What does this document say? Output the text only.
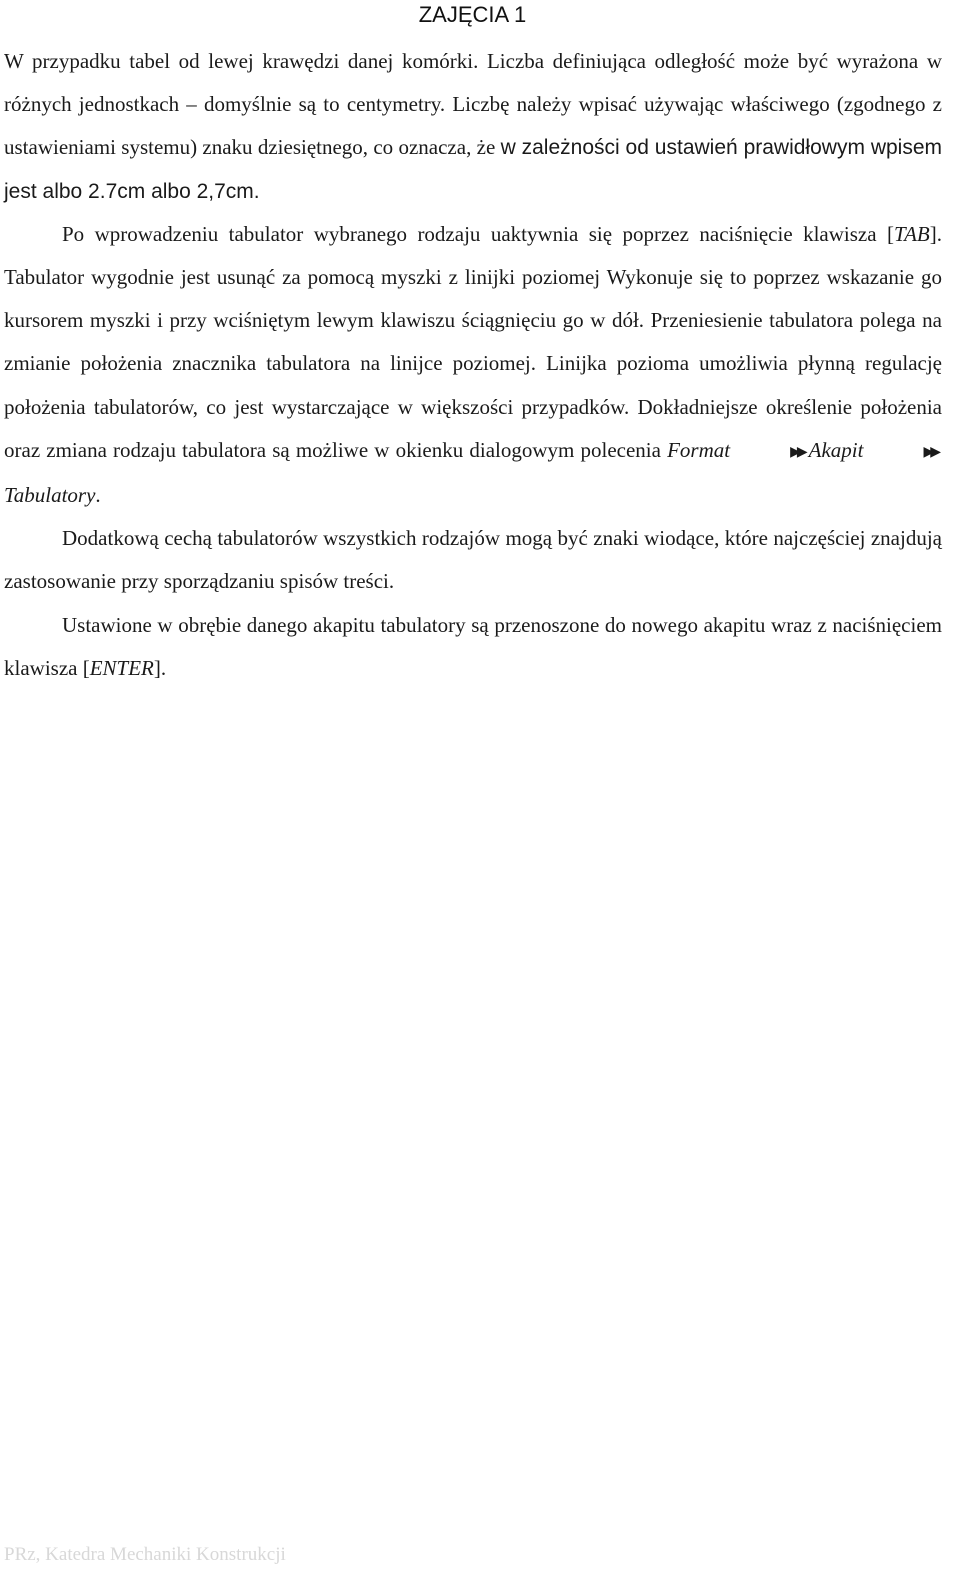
ZAJĘCIA 1

W przypadku tabel od lewej krawędzi danej komórki. Liczba definiująca odległość może być wyrażona w różnych jednostkach – domyślnie są to centymetry. Liczbę należy wpisać używając właściwego (zgodnego z ustawieniami systemu) znaku dziesiętnego, co oznacza, że w zależności od ustawień prawidłowym wpisem jest albo 2.7cm albo 2,7cm.

Po wprowadzeniu tabulator wybranego rodzaju uaktywnia się poprzez naciśnięcie klawisza [TAB]. Tabulator wygodnie jest usunąć za pomocą myszki z linijki poziomej Wykonuje się to poprzez wskazanie go kursorem myszki i przy wciśniętym lewym klawiszu ściągnięciu go w dół. Przeniesienie tabulatora polega na zmianie położenia znacznika tabulatora na linijce poziomej. Linijka pozioma umożliwia płynną regulację położenia tabulatorów, co jest wystarczające w większości przypadków. Dokładniejsze określenie położenia oraz zmiana rodzaju tabulatora są możliwe w okienku dialogowym polecenia Format	▶▶ Akapit	▶▶Tabulatory.

Dodatkową cechą tabulatorów wszystkich rodzajów mogą być znaki wiodące, które najczęściej znajdują zastosowanie przy sporządzaniu spisów treści.

Ustawione w obrębie danego akapitu tabulatory są przenoszone do nowego akapitu wraz z naciśnięciem klawisza [ENTER].

PRz, Katedra Mechaniki Konstrukcji
